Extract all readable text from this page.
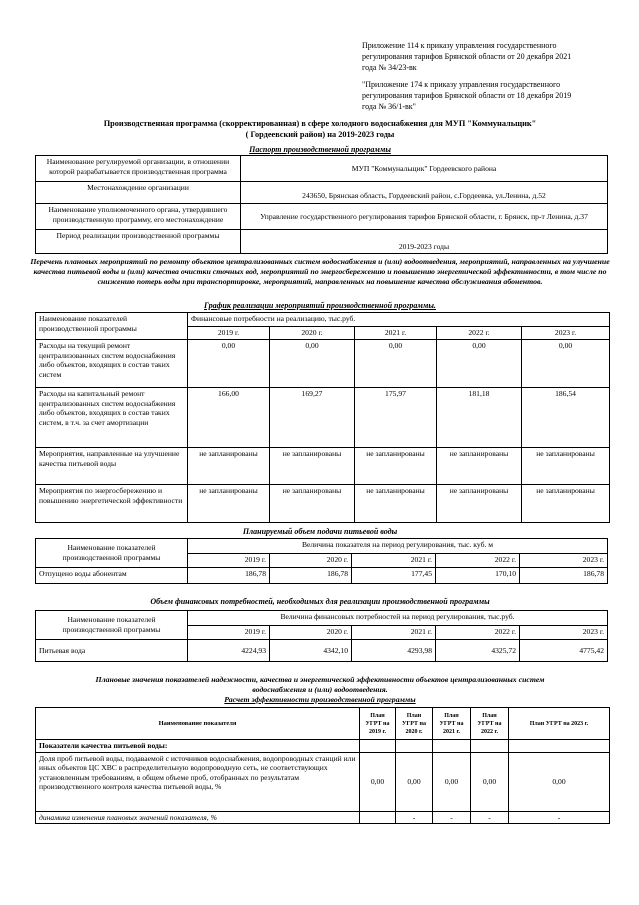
Приложение 114 к приказу управления государственного
регулирования тарифов Брянской области от 20 декабря 2021
года № 34/23-вк
"Приложение 174 к приказу управления государственного
регулирования тарифов Брянской области от 18 декабря 2019
года № 36/1-вк"
Производственная программа (скорректированная) в сфере холодного водоснабжения для МУП "Коммунальщик"
( Гордеевский район) на 2019-2023 годы
Паспорт производственной программы
Наименование регулируемой организации, в отношении которой разрабатывается производственная программа	МУП "Коммунальщик" Гордеевского района
Местонахождение организации	243650, Брянская область, Гордеевский район, с.Гордеевка, ул.Ленина, д.52
Наименование уполномоченного органа, утвердившего производственную программу, его местонахождение	Управление государственного регулирования тарифов Брянской области, г. Брянск, пр-т Ленина, д.37
Период реализации производственной программы	2019-2023 годы
Перечень плановых мероприятий по ремонту объектов централизованных систем водоснабжения и (или) водоотведения, мероприятий, направленных на улучшение качества питьевой воды и (или) качества очистки сточных вод, мероприятий по энергосбережению и повышению энергетической эффективности, в том числе по снижению потерь воды при транспортировке, мероприятий, направленных на повышение качества обслуживания абонентов.
График реализации мероприятий производственной программы.
Наименование показателей производственной программы	Финансовые потребности на реализацию, тыс.руб.				
	2019 г.	2020 г.	2021 г.	2022 г.	2023 г.
Расходы на текущий ремонт централизованных систем водоснабжения либо объектов, входящих в состав таких систем	0,00	0,00	0,00	0,00	0,00
Расходы на капитальный ремонт централизованных систем водоснабжения либо объектов, входящих в состав таких систем, в т.ч. за счет амортизации	166,00	169,27	175,97	181,18	186,54
Мероприятия, направленные на улучшение качества питьевой воды	не запланированы	не запланированы	не запланированы	не запланированы	не запланированы
Мероприятия по энергосбережению и повышению энергетической эффективности	не запланированы	не запланированы	не запланированы	не запланированы	не запланированы
Планируемый объем подачи питьевой воды
Наименование показателей производственной программы	Величина показателя на период регулирования, тыс. куб. м				
	2019 г.	2020 г.	2021 г.	2022 г.	2023 г.
Отпущено воды абонентам	186,78	186,78	177,45	170,10	186,78
Объем финансовых потребностей, необходимых для реализации производственной программы
Наименование показателей производственной программы	Величина финансовых потребностей на период регулирования, тыс.руб.				
	2019 г.	2020 г.	2021 г.	2022 г.	2023 г.
Питьевая вода	4224,93	4342,10	4293,98	4325,72	4775,42
Плановые значения показателей надежности, качества и энергетической эффективности объектов централизованных систем
водоснабжения и (или) водоотведения.
Расчет эффективности производственной программы
Наименование показателя	План УГРТ на 2019 г.	План УГРТ на 2020 г.	План УГРТ на 2021 г.	План УГРТ на 2022 г.	План УГРТ на 2023 г.
Показатели качества питьевой воды:					
Доля проб питьевой воды, подаваемой с источников водоснабжения, водопроводных станций или иных объектов ЦС ХВС в распределительную водопроводную сеть, не соответствующих установленным требованиям, в общем объеме проб, отобранных по результатам производственного контроля качества питьевой воды, %	0,00	0,00	0,00	0,00	0,00
динамика изменения плановых значений показателя, %		-	-	-	-
